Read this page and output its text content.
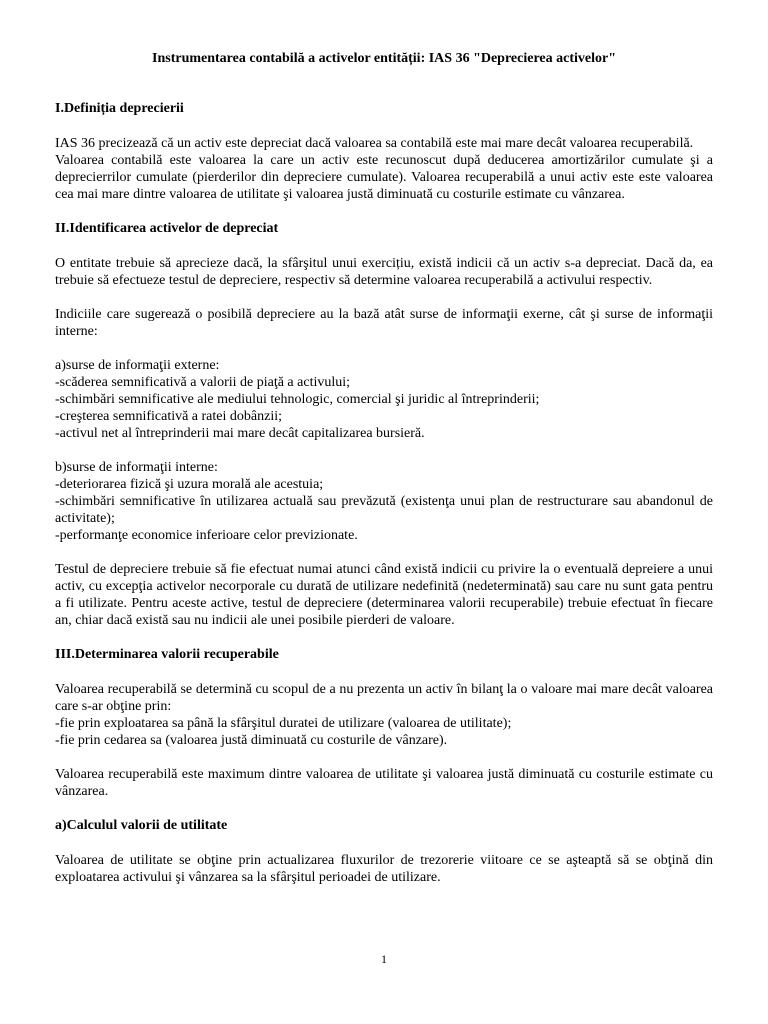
Instrumentarea contabilă a activelor entității: IAS 36 "Deprecierea activelor"
I.Definiția deprecierii

IAS 36 precizează că un activ este depreciat dacă valoarea sa contabilă este mai mare decât valoarea recuperabilă.

Valoarea contabilă este valoarea la care un activ este recunoscut după deducerea amortizărilor cumulate şi a deprecierrilor cumulate (pierderilor din depreciere cumulate). Valoarea recuperabilă a unui activ este este valoarea cea mai mare dintre valoarea de utilitate şi valoarea justă diminuată cu costurile estimate cu vânzarea.

II.Identificarea activelor de depreciat

O entitate trebuie să aprecieze dacă, la sfârşitul unui exercițiu, există indicii că un activ s-a depreciat. Dacă da, ea trebuie să efectueze testul de depreciere, respectiv să determine valoarea recuperabilă a activului respectiv.

Indiciile care sugerează o posibilă depreciere au la bază atât surse de informaţii exerne, cât şi surse de informaţii interne:

a)surse de informaţii externe:
-scăderea semnificativă a valorii de piaţă a activului;
-schimbări semnificative ale mediului tehnologic, comercial şi juridic al întreprinderii;
-creşterea semnificativă a ratei dobânzii;
-activul net al întreprinderii mai mare decât capitalizarea bursieră.
b)surse de informaţii interne:
-deteriorarea fizică şi uzura morală ale acestuia;

-schimbări semnificative în utilizarea actuală sau prevăzută (existenţa unui plan de restructurare sau abandonul de activitate);

-performanţe economice inferioare celor previzionate.

Testul de depreciere trebuie să fie efectuat numai atunci când există indicii cu privire la o eventuală depreiere a unui activ, cu excepţia activelor necorporale cu durată de utilizare nedefinită (nedeterminată) sau care nu sunt gata pentru a fi utilizate. Pentru aceste active, testul de depreciere (determinarea valorii recuperabile) trebuie efectuat în fiecare an, chiar dacă există sau nu indicii ale unei posibile pierderi de valoare.

III.Determinarea valorii recuperabile

Valoarea recuperabilă se determină cu scopul de a nu prezenta un activ în bilanţ la o valoare mai mare decât valoarea care s-ar obţine prin:

-fie prin exploatarea sa până la sfârşitul duratei de utilizare (valoarea de utilitate);
-fie prin cedarea sa (valoarea justă diminuată cu costurile de vânzare).

Valoarea recuperabilă este maximum dintre valoarea de utilitate şi valoarea justă diminuată cu costurile estimate cu vânzarea.

a)Calculul valorii de utilitate

Valoarea de utilitate se obţine prin actualizarea fluxurilor de trezorerie viitoare ce se aşteaptă să se obţină din exploatarea activului şi vânzarea sa la sfârşitul perioadei de utilizare.

1
